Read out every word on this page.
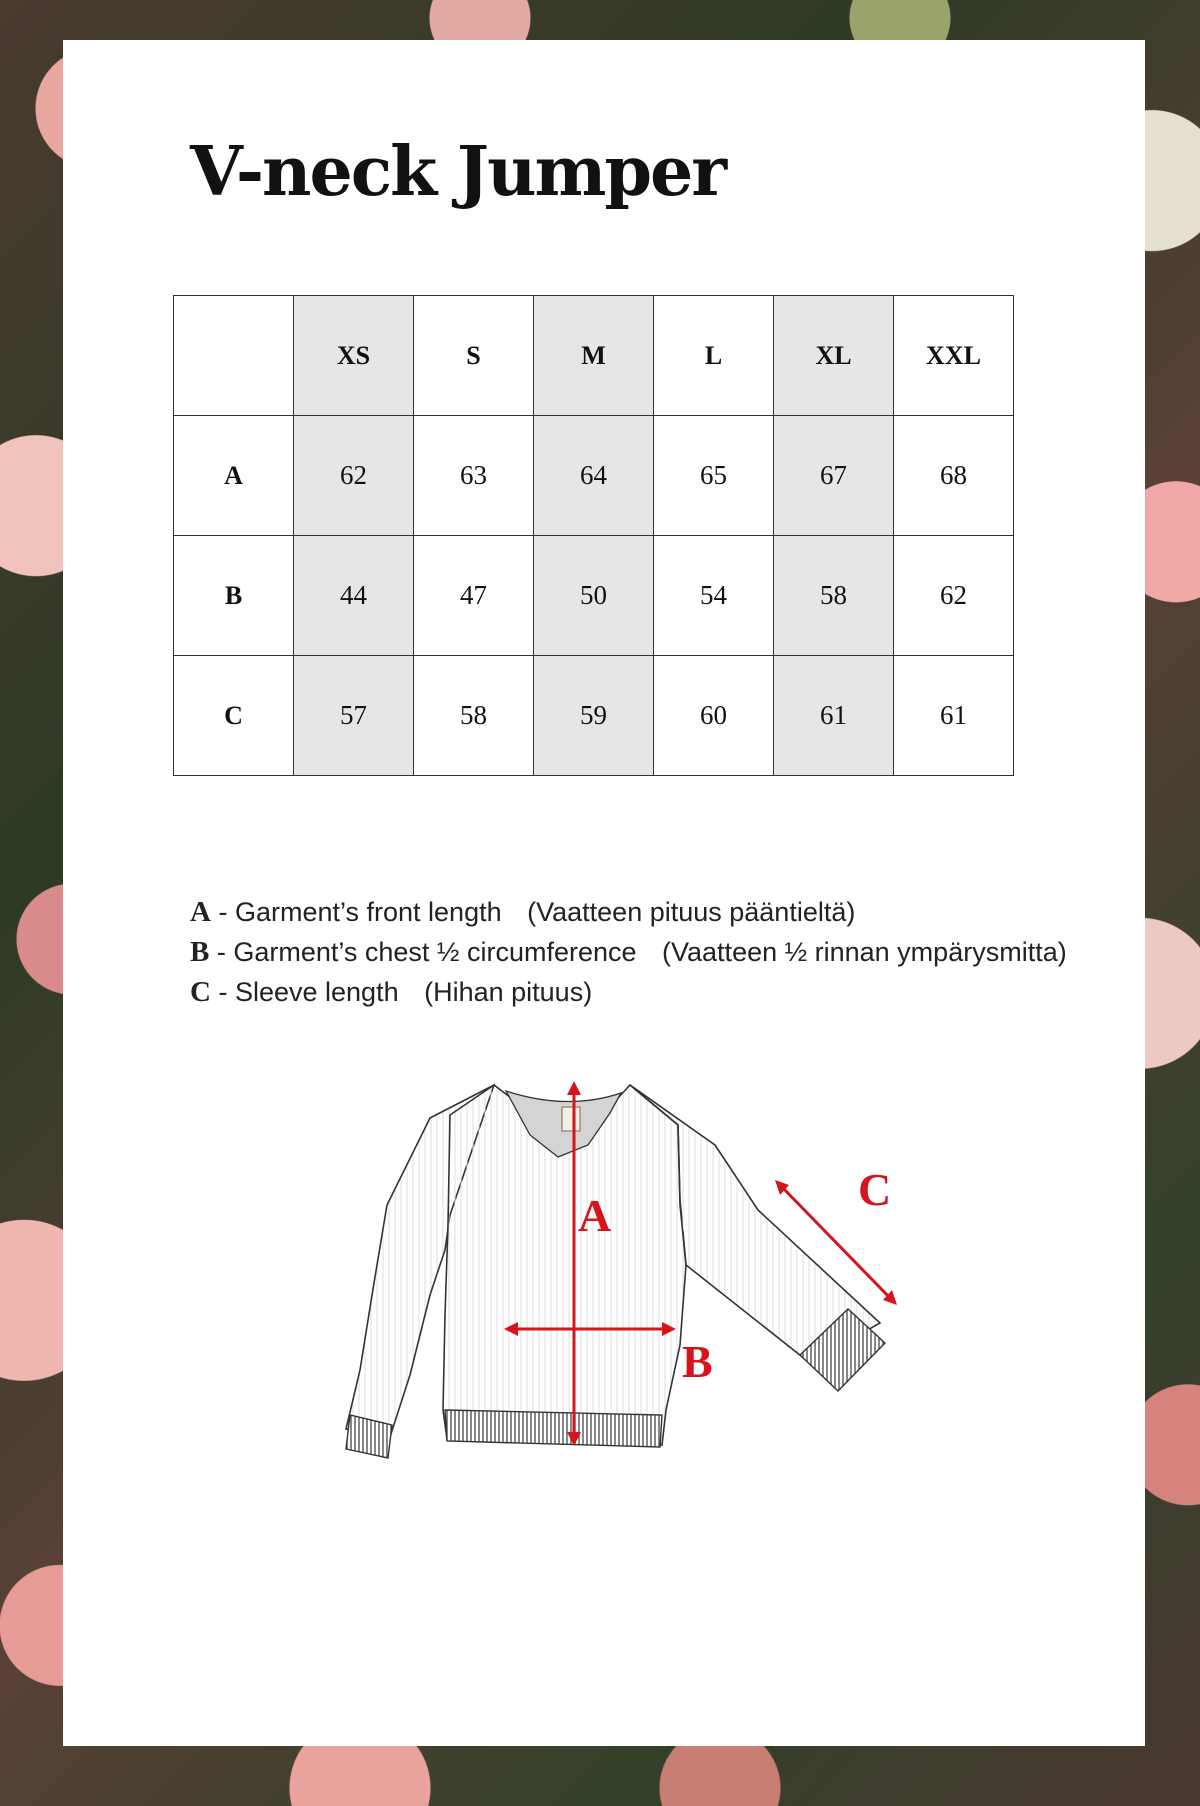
V-neck Jumper
	XS	S	M	L	XL	XXL
A	62	63	64	65	67	68
B	44	47	50	54	58	62
C	57	58	59	60	61	61
A - Garment’s front length (Vaatteen pituus pääntieltä)
B - Garment’s chest ½ circumference (Vaatteen ½ rinnan ympärysmitta)
C - Sleeve length (Hihan pituus)
A
B
C
